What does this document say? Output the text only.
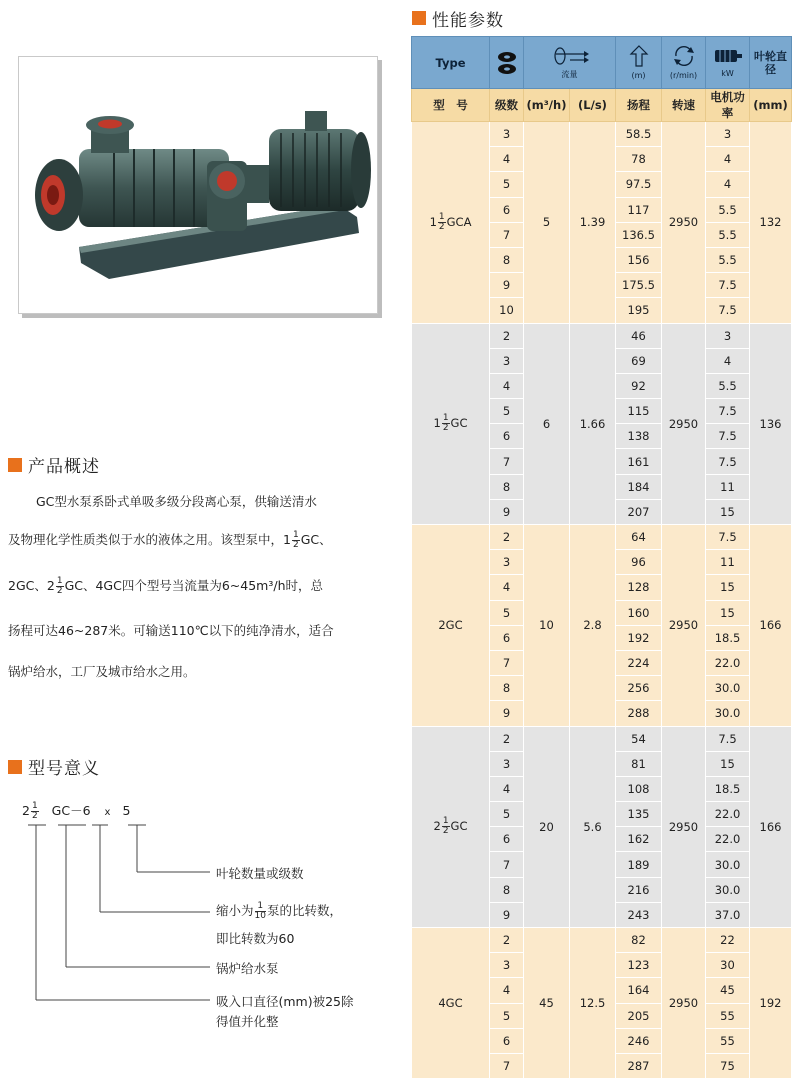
产品概述
GC型水泵系卧式单吸多级分段离心泵，供输送清水
及物理化学性质类似于水的液体之用。该型泵中，$1 \frac{1}{2}$ GC、
2GC、$2 \frac{1}{2}$ GC、4GC四个型号当流量为6~45m³/h时，总
扬程可达46~287米。可输送110℃以下的纯净清水，适合
锅炉给水，工厂及城市给水之用。
型号意义
$2 \frac{1}{2} GC-6$ x 5
叶轮数量或级数
缩小为 $\frac{1}{10}$ 泵的比转数，
即比转数为60
锅炉给水泵
吸入口直径(mm)被25除
得值并化整
性能参数
Type		流量		(m)	(r/min)	kW	叶轮直径
型　号	级数	(m³/h)	(L/s)	扬程	转速	电机功率	(mm)
$1 \frac{1}{2}$ GCA	3	5	1.39	58.5	2950	3	132
	4			78		4	
	5			97.5		4	
	6			117		5.5	
	7			136.5		5.5	
	8			156		5.5	
	9			175.5		7.5	
	10			195		7.5	
$1 \frac{1}{2}$ GC	2	6	1.66	46	2950	3	136
	3			69		4	
	4			92		5.5	
	5			115		7.5	
	6			138		7.5	
	7			161		7.5	
	8			184		11	
	9			207		15	
2GC	2	10	2.8	64	2950	7.5	166
	3			96		11	
	4			128		15	
	5			160		15	
	6			192		18.5	
	7			224		22.0	
	8			256		30.0	
	9			288		30.0	
$2 \frac{1}{2}$ GC	2	20	5.6	54	2950	7.5	166
	3			81		15	
	4			108		18.5	
	5			135		22.0	
	6			162		22.0	
	7			189		30.0	
	8			216		30.0	
	9			243		37.0	
4GC	2	45	12.5	82	2950	22	192
	3			123		30	
	4			164		45	
	5			205		55	
	6			246		55	
	7			287		75	
